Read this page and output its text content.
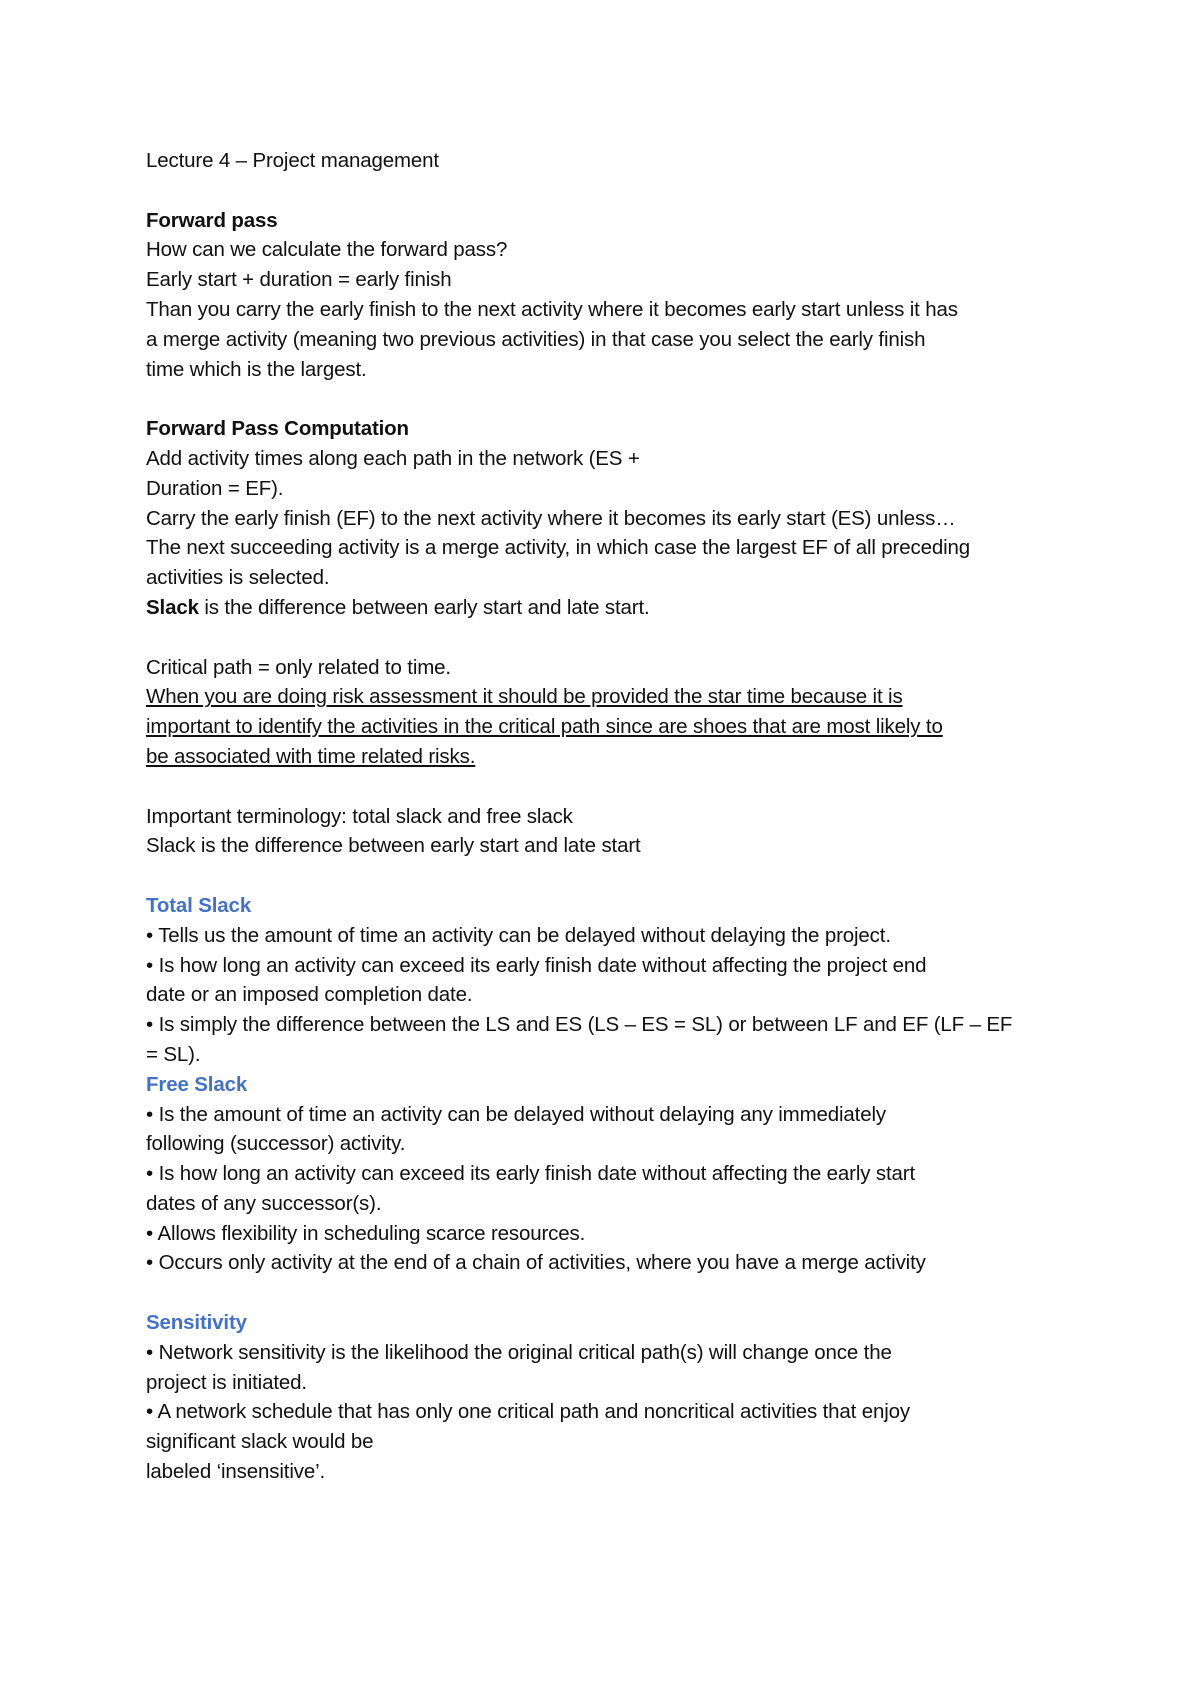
Lecture 4 – Project management
Forward pass
How can we calculate the forward pass?
Early start + duration = early finish
Than you carry the early finish to the next activity where it becomes early start unless it has
a merge activity (meaning two previous activities) in that case you select the early finish
time which is the largest.
Forward Pass Computation
Add activity times along each path in the network (ES +
Duration = EF).
Carry the early finish (EF) to the next activity where it becomes its early start (ES) unless…
The next succeeding activity is a merge activity, in which case the largest EF of all preceding
activities is selected.
Slack is the difference between early start and late start.
Critical path = only related to time.
When you are doing risk assessment it should be provided the star time because it is
important to identify the activities in the critical path since are shoes that are most likely to
be associated with time related risks.
Important terminology: total slack and free slack
Slack is the difference between early start and late start
Total Slack
• Tells us the amount of time an activity can be delayed without delaying the project.
• Is how long an activity can exceed its early finish date without affecting the project end
date or an imposed completion date.
• Is simply the difference between the LS and ES (LS – ES = SL) or between LF and EF (LF – EF
= SL).
Free Slack
• Is the amount of time an activity can be delayed without delaying any immediately
following (successor) activity.
• Is how long an activity can exceed its early finish date without affecting the early start
dates of any successor(s).
• Allows flexibility in scheduling scarce resources.
• Occurs only activity at the end of a chain of activities, where you have a merge activity
Sensitivity
• Network sensitivity is the likelihood the original critical path(s) will change once the
project is initiated.
• A network schedule that has only one critical path and noncritical activities that enjoy
significant slack would be
labeled ‘insensitive’.
